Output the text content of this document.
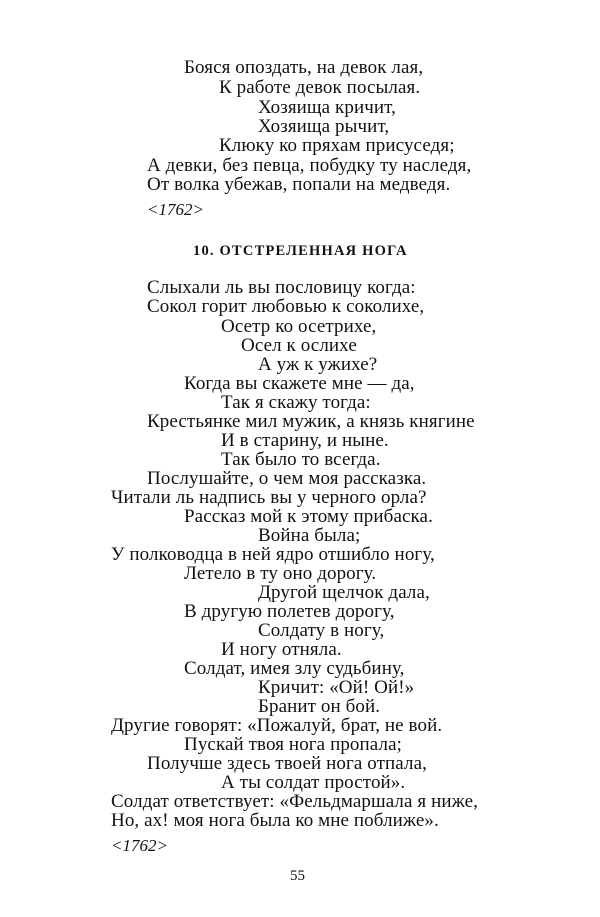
Бояся опоздать, на девок лая,
К работе девок посылая.
Хозяища кричит,
Хозяища рычит,
Клюку ко пряхам присуседя;
А девки, без певца, побудку ту наследя,
От волка убежав, попали на медведя.
<1762>
10. ОТСТРЕЛЕННАЯ НОГА
Слыхали ль вы пословицу когда:
Сокол горит любовью к соколихе,
Осетр ко осетрихе,
Осел к ослихе
А уж к ужихе?
Когда вы скажете мне — да,
Так я скажу тогда:
Крестьянке мил мужик, а князь княгине
И в старину, и ныне.
Так было то всегда.
Послушайте, о чем моя рассказка.
Читали ль надпись вы у черного орла?
Рассказ мой к этому прибаска.
Война была;
У полководца в ней ядро отшибло ногу,
Летело в ту оно дорогу.
Другой щелчок дала,
В другую полетев дорогу,
Солдату в ногу,
И ногу отняла.
Солдат, имея злу судьбину,
Кричит: «Ой! Ой!»
Бранит он бой.
Другие говорят: «Пожалуй, брат, не вой.
Пускай твоя нога пропала;
Получше здесь твоей нога отпала,
А ты солдат простой».
Солдат ответствует: «Фельдмаршала я ниже,
Но, ах! моя нога была ко мне поближе».
<1762>
55
